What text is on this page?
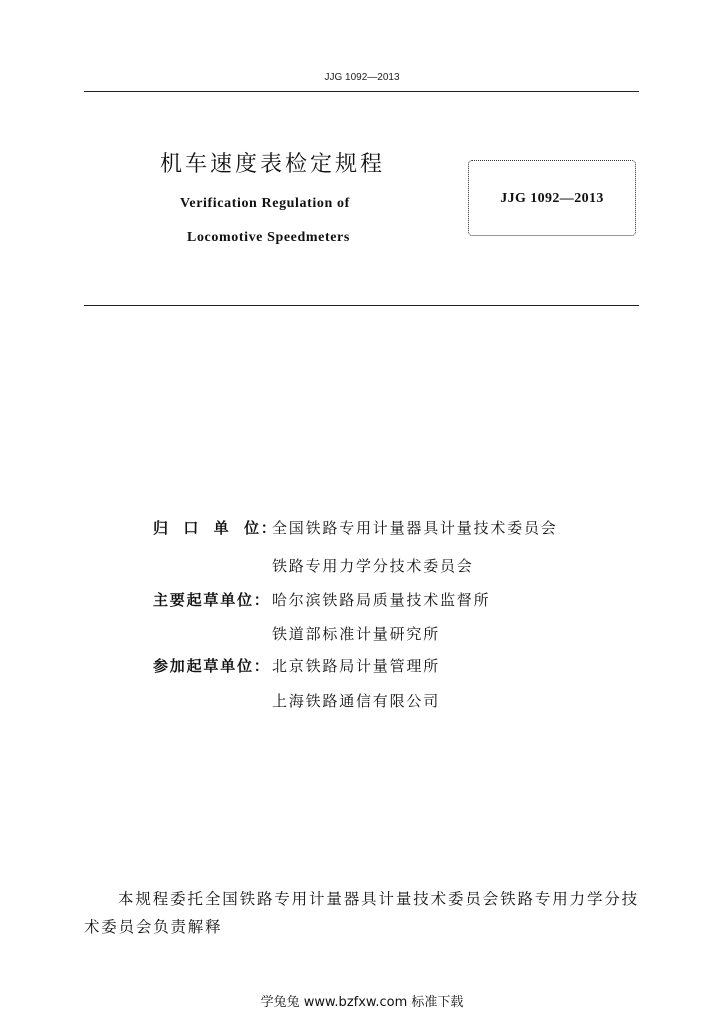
JJG 1092—2013
机车速度表检定规程
Verification Regulation of
Locomotive Speedmeters
JJG 1092—2013
归 口 单 位：
全国铁路专用计量器具计量技术委员会
铁路专用力学分技术委员会
主要起草单位： 哈尔滨铁路局质量技术监督所
铁道部标准计量研究所
参加起草单位： 北京铁路局计量管理所
上海铁路通信有限公司

本规程委托全国铁路专用计量器具计量技术委员会铁路专用力学分技术委员会负责解释

学兔兔 www.bzfxw.com 标准下载
